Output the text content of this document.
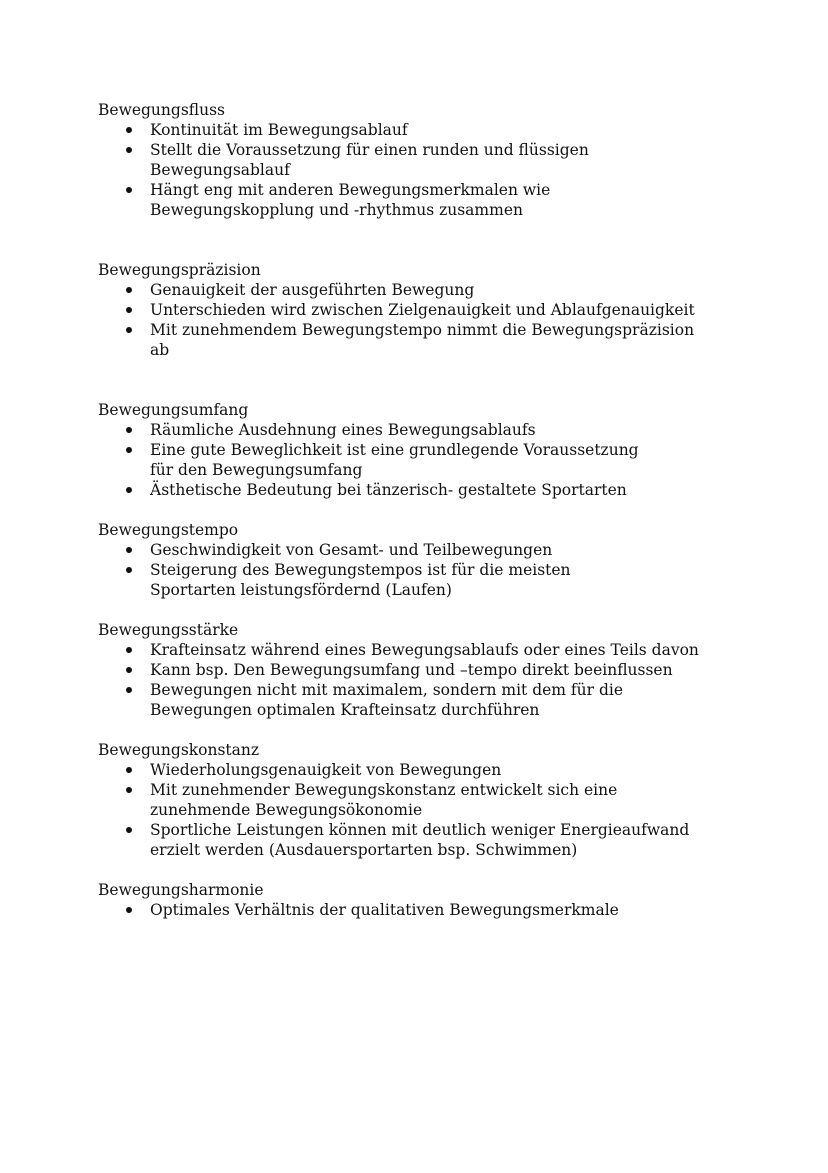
Bewegungsfluss
Kontinuität im Bewegungsablauf
Stellt die Voraussetzung für einen runden und flüssigen Bewegungsablauf
Hängt eng mit anderen Bewegungsmerkmalen wie Bewegungskopplung und -rhythmus zusammen
Bewegungspräzision
Genauigkeit der ausgeführten Bewegung
Unterschieden wird zwischen Zielgenauigkeit und Ablaufgenauigkeit
Mit zunehmendem Bewegungstempo nimmt die Bewegungspräzision ab
Bewegungsumfang
Räumliche Ausdehnung eines Bewegungsablaufs
Eine gute Beweglichkeit ist eine grundlegende Voraussetzung für den Bewegungsumfang
Ästhetische Bedeutung bei tänzerisch- gestaltete Sportarten
Bewegungstempo
Geschwindigkeit von Gesamt- und Teilbewegungen
Steigerung des Bewegungstempos ist für die meisten Sportarten leistungsfördernd (Laufen)
Bewegungsstärke
Krafteinsatz während eines Bewegungsablaufs oder eines Teils davon
Kann bsp. Den Bewegungsumfang und –tempo direkt beeinflussen
Bewegungen nicht mit maximalem, sondern mit dem für die Bewegungen optimalen Krafteinsatz durchführen
Bewegungskonstanz
Wiederholungsgenauigkeit von Bewegungen
Mit zunehmender Bewegungskonstanz entwickelt sich eine zunehmende Bewegungsökonomie
Sportliche Leistungen können mit deutlich weniger Energieaufwand erzielt werden (Ausdauersportarten bsp. Schwimmen)
Bewegungsharmonie
Optimales Verhältnis der qualitativen Bewegungsmerkmale
